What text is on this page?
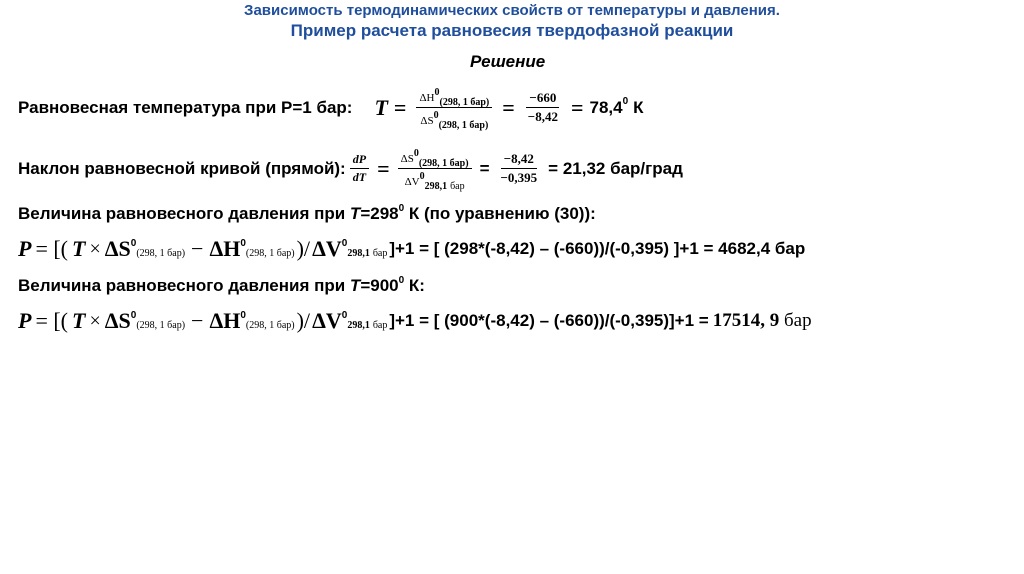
Зависимость термодинамических свойств от температуры и давления.
Пример расчета равновесия твердофазной реакции
Решение
Равновесная температура при Р=1 бар: $T = \frac{\Delta H^0_{(298, 1 бар)}}{\Delta S^0_{(298, 1 бар)}} = \frac{-660}{-8,42} = 78,4$ 0 К
Наклон равновесной кривой (прямой): $\frac{dP}{dT} = \frac{\Delta S^0_{(298, 1 бар)}}{\Delta V^0_{298,1} _{бар}} = \frac{-8,42}{-0,395} = 21,32$ бар/град
Величина равновесного давления при T =298 0 К (по уравнению (30)):
P = [( T × ΔS 0
(298, 1 бар) − ΔH 0
(298, 1 бар) )/ ΔV 0
298,1 бар ]+1 = [ (298*(-8,42) – (-660))/(-0,395) ]+1 = 4682,4 бар
Величина равновесного давления при T =900 0 К:
P = [( T × ΔS 0
(298, 1 бар) − ΔH 0
(298, 1 бар) )/ ΔV 0
298,1 бар ]+1 = [ (900*(-8,42) – (-660))/(-0,395)]+1 = 17514, 9 бар
